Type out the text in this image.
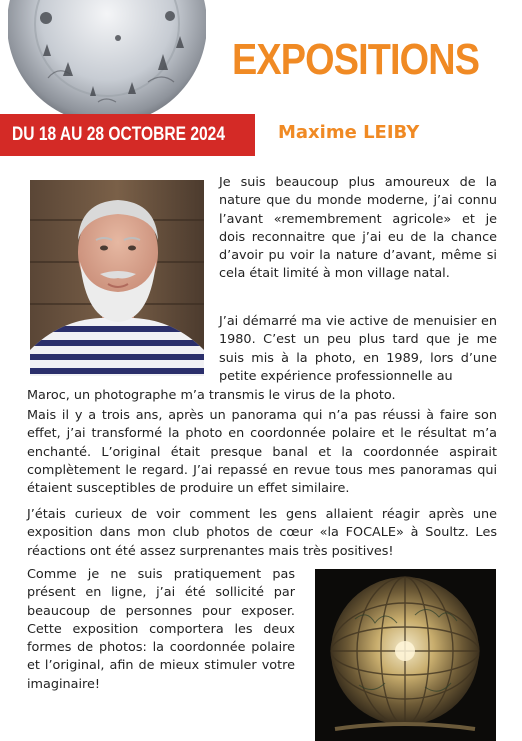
EXPOSITIONS
DU 18 AU 28 OCTOBRE 2024	Maxime LEIBY
Je suis beaucoup plus amoureux de la nature que du monde moderne, j’ai connu l’avant «remembrement agricole» et je dois reconnaitre que j’ai eu de la chance d’avoir pu voir la nature d’avant, même si cela était limité à mon village natal.
J’ai démarré ma vie active de menuisier en 1980. C’est un peu plus tard que je me suis mis à la photo, en 1989, lors d’une petite expérience professionnelle au
Maroc, un photographe m’a transmis le virus de la photo.
Mais il y a trois ans, après un panorama qui n’a pas réussi à faire son effet, j’ai transformé la photo en coordonnée polaire et le résultat m’a enchanté. L’original était presque banal et la coordonnée aspirait complètement le regard. J’ai repassé en revue tous mes panoramas qui étaient susceptibles de produire un effet similaire.
J’étais curieux de voir comment les gens allaient réagir après une exposition dans mon club photos de cœur «la FOCALE» à Soultz. Les réactions ont été assez surprenantes mais très positives!
Comme je ne suis pratiquement pas présent en ligne, j’ai été sollicité par beaucoup de personnes pour exposer. Cette exposition comportera les deux formes de photos: la coordonnée polaire et l’original, afin de mieux stimuler votre imaginaire!
